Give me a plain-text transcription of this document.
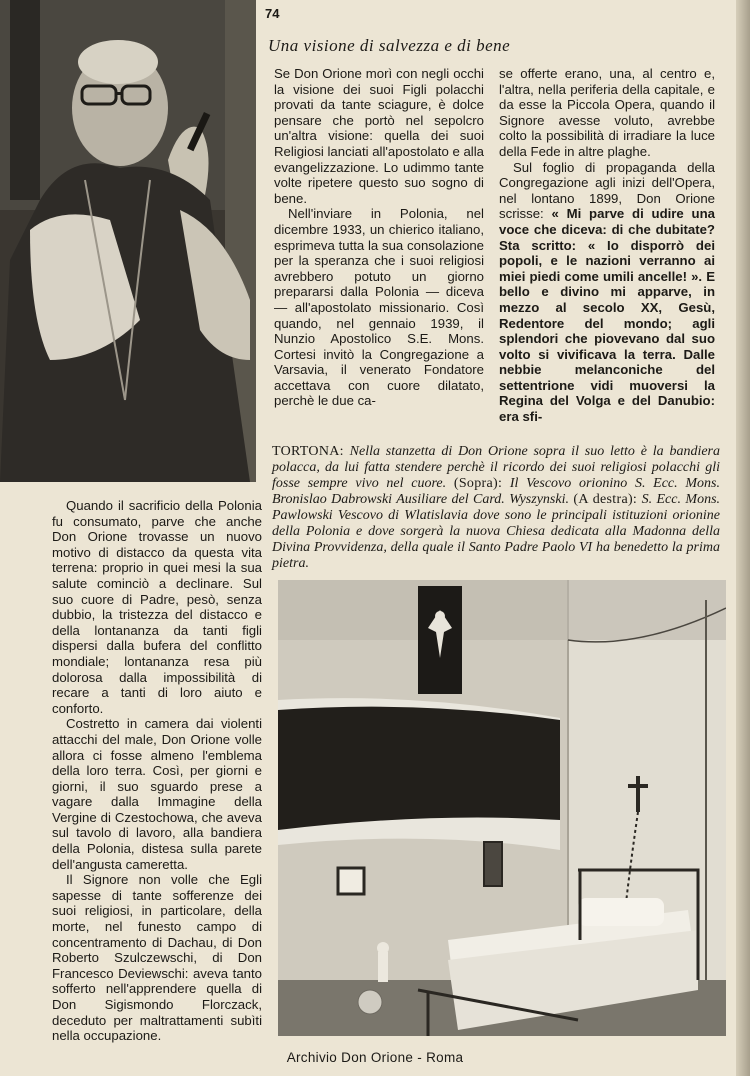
74
Una visione di salvezza e di bene

Se Don Orione morì con negli occhi la visione dei suoi Figli polacchi provati da tante sciagure, è dolce pensare che portò nel sepolcro un'altra visione: quella dei suoi Religiosi lanciati all'apostolato e alla evangelizzazione. Lo udimmo tante volte ripetere questo suo sogno di bene.

Nell'inviare in Polonia, nel dicembre 1933, un chierico italiano, esprimeva tutta la sua consolazione per la speranza che i suoi religiosi avrebbero potuto un giorno prepararsi dalla Polonia — diceva — all'apostolato missionario. Così quando, nel gennaio 1939, il Nunzio Apostolico S.E. Mons. Cortesi invitò la Congregazione a Varsavia, il venerato Fondatore accettava con cuore dilatato, perchè le due ca-

se offerte erano, una, al centro e, l'altra, nella periferia della capitale, e da esse la Piccola Opera, quando il Signore avesse voluto, avrebbe colto la possibilità di irradiare la luce della Fede in altre plaghe.

Sul foglio di propaganda della Congregazione agli inizi dell'Opera, nel lontano 1899, Don Orione scrisse: « Mi parve di udire una voce che diceva: di che dubitate? Sta scritto: « Io disporrò dei popoli, e le nazioni verranno ai miei piedi come umili ancelle! ». E bello e divino mi apparve, in mezzo al secolo XX, Gesù, Redentore del mondo; agli splendori che piovevano dal suo volto si vivificava la terra. Dalle nebbie melanconiche del settentrione vidi muoversi la Regina del Volga e del Danubio: era sfi-

TORTONA: Nella stanzetta di Don Orione sopra il suo letto è la bandiera polacca, da lui fatta stendere perchè il ricordo dei suoi religiosi polacchi gli fosse sempre vivo nel cuore. (Sopra): Il Vescovo orionino S. Ecc. Mons. Bronislao Dabrowski Ausiliare del Card. Wyszynski. (A destra): S. Ecc. Mons. Pawlowski Vescovo di Wlatislavia dove sono le principali istituzioni orionine della Polonia e dove sorgerà la nuova Chiesa dedicata alla Madonna della Divina Provvidenza, della quale il Santo Padre Paolo VI ha benedetto la prima pietra.

Quando il sacrificio della Polonia fu consumato, parve che anche Don Orione trovasse un nuovo motivo di distacco da questa vita terrena: proprio in quei mesi la sua salute cominciò a declinare. Sul suo cuore di Padre, pesò, senza dubbio, la tristezza del distacco e della lontananza da tanti figli dispersi dalla bufera del conflitto mondiale; lontananza resa più dolorosa dalla impossibilità di recare a tanti di loro aiuto e conforto.

Costretto in camera dai violenti attacchi del male, Don Orione volle allora ci fosse almeno l'emblema della loro terra. Così, per giorni e giorni, il suo sguardo prese a vagare dalla Immagine della Vergine di Czestochowa, che aveva sul tavolo di lavoro, alla bandiera della Polonia, distesa sulla parete dell'angusta cameretta.

Il Signore non volle che Egli sapesse di tante sofferenze dei suoi religiosi, in particolare, della morte, nel funesto campo di concentramento di Dachau, di Don Roberto Szulczewschi, di Don Francesco Deviewschi: aveva tanto sofferto nell'apprendere quella di Don Sigismondo Florczack, deceduto per maltrattamenti subìti nella occupazione.

Archivio Don Orione - Roma
